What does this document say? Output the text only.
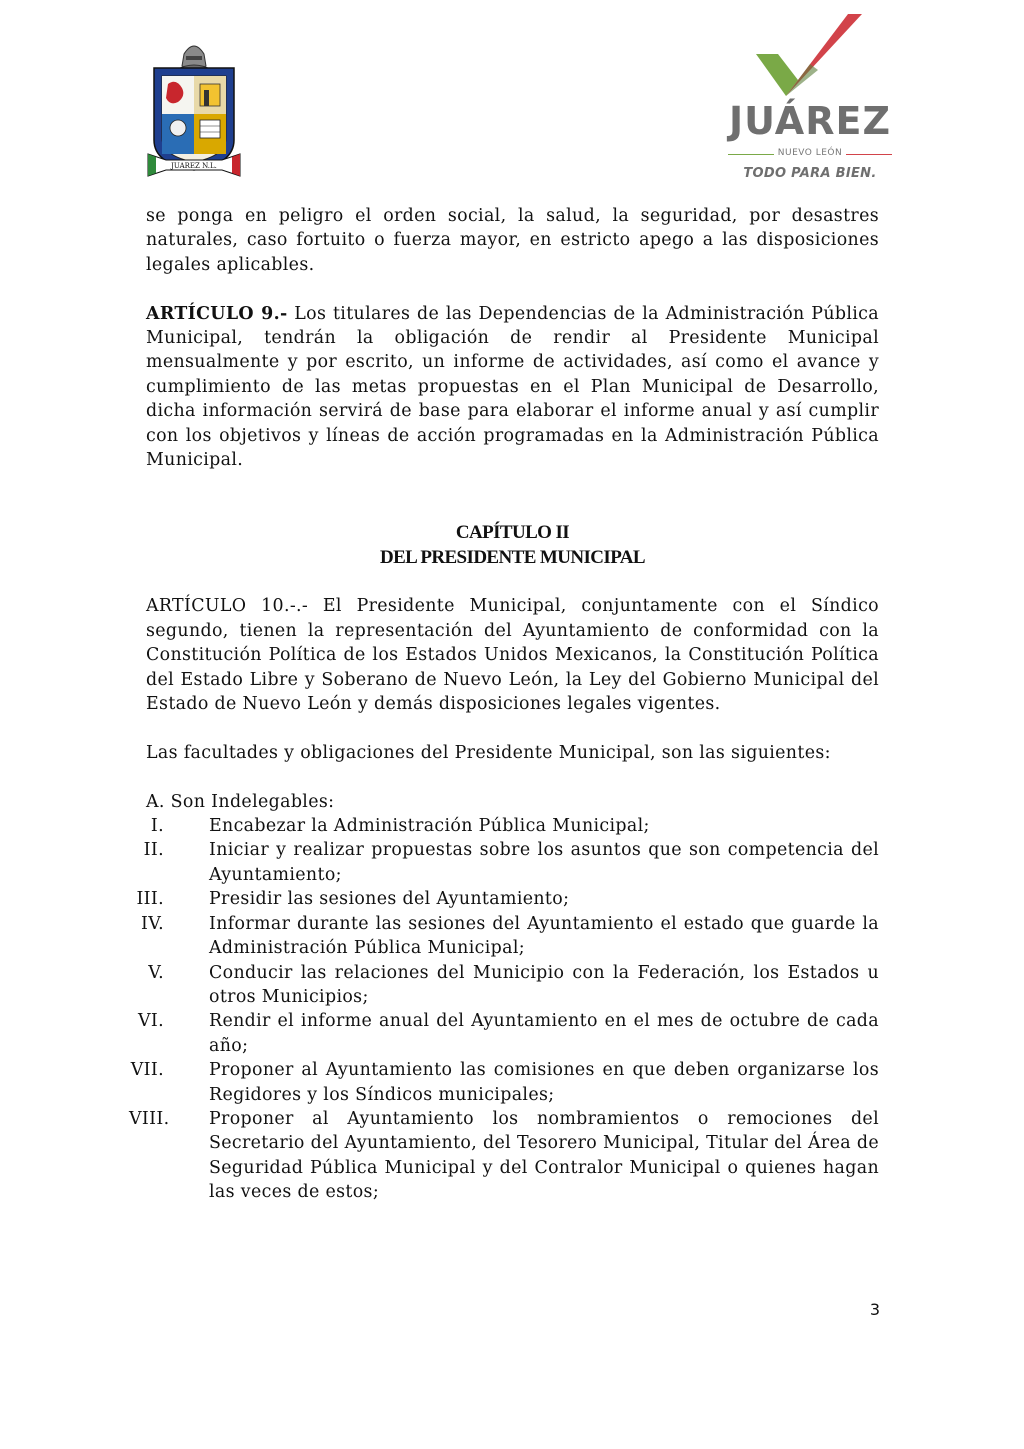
JUAREZ N.L.
JUÁREZ
NUEVO LEÓN
TODO PARA BIEN.

se ponga en peligro el orden social, la salud, la seguridad, por desastres naturales, caso fortuito o fuerza mayor, en estricto apego a las disposiciones legales aplicables.

ARTÍCULO 9.- Los titulares de las Dependencias de la Administración Pública Municipal, tendrán la obligación de rendir al Presidente Municipal mensualmente y por escrito, un informe de actividades, así como el avance y cumplimiento de las metas propuestas en el Plan Municipal de Desarrollo, dicha información servirá de base para elaborar el informe anual y así cumplir con los objetivos y líneas de acción programadas en la Administración Pública Municipal.

CAPÍTULO II
DEL PRESIDENTE MUNICIPAL

ARTÍCULO 10.-.- El Presidente Municipal, conjuntamente con el Síndico segundo, tienen la representación del Ayuntamiento de conformidad con la Constitución Política de los Estados Unidos Mexicanos, la Constitución Política del Estado Libre y Soberano de Nuevo León, la Ley del Gobierno Municipal del Estado de Nuevo León y demás disposiciones legales vigentes.

Las facultades y obligaciones del Presidente Municipal, son las siguientes:

A. Son Indelegables:

I.	Encabezar la Administración Pública Municipal;
II.	Iniciar y realizar propuestas sobre los asuntos que son competencia del Ayuntamiento;
III.	Presidir las sesiones del Ayuntamiento;
IV.	Informar durante las sesiones del Ayuntamiento el estado que guarde la Administración Pública Municipal;
V.	Conducir las relaciones del Municipio con la Federación, los Estados u otros Municipios;
VI.	Rendir el informe anual del Ayuntamiento en el mes de octubre de cada año;
VII.	Proponer al Ayuntamiento las comisiones en que deben organizarse los Regidores y los Síndicos municipales;
VIII. Proponer al Ayuntamiento los nombramientos o remociones del Secretario del Ayuntamiento, del Tesorero Municipal, Titular del Área de Seguridad Pública Municipal y del Contralor Municipal o quienes hagan las veces de estos;
3
